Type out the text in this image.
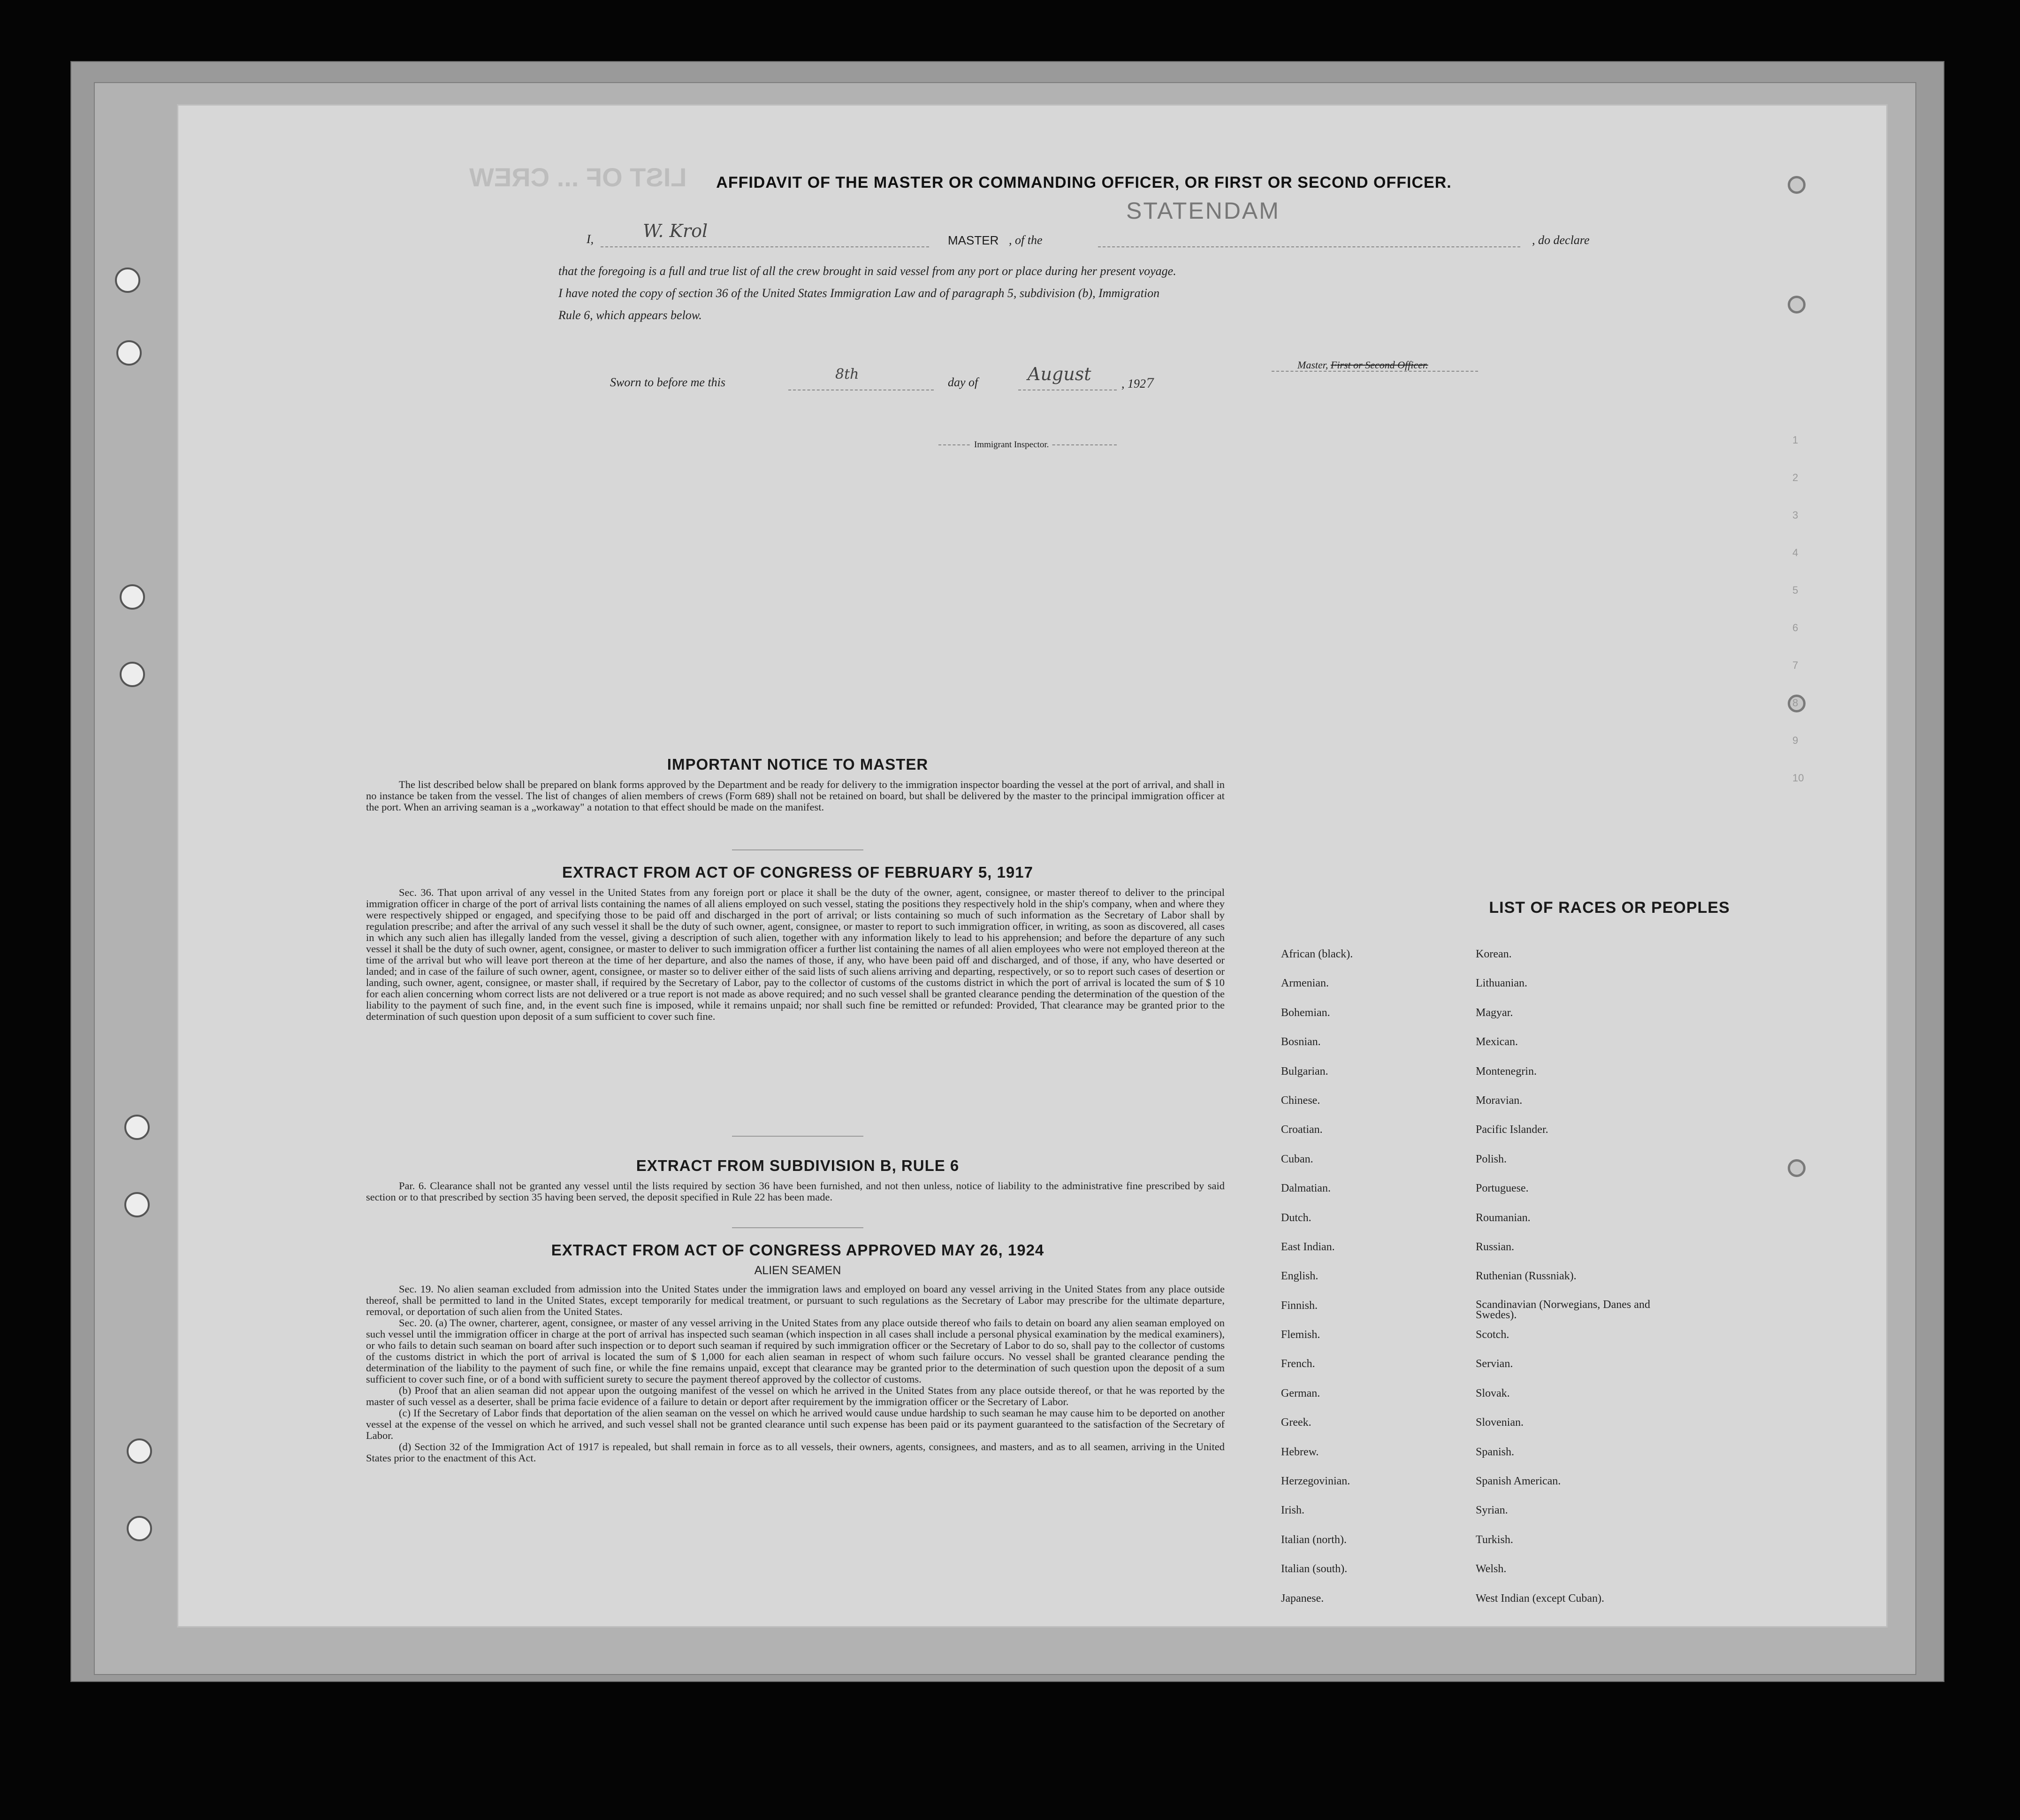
LIST OF ... CREW
1
2
3
4
5
6
7
8
9
10
AFFIDAVIT OF THE MASTER OR COMMANDING OFFICER, OR FIRST OR SECOND OFFICER.
I,	W. Krol	MASTER , of the
STATENDAM
, do declare
that the foregoing is a full and true list of all the crew brought in said vessel from any port or place during her present voyage.
I have noted the copy of section 36 of the United States Immigration Law and of paragraph 5, subdivision (b), Immigration
Rule 6, which appears below.
Master, First or Second Officer.
Sworn to before me this	8th	day of	August , 1927
Immigrant Inspector.
IMPORTANT NOTICE TO MASTER

The list described below shall be prepared on blank forms approved by the Department and be ready for delivery to the immigration inspector boarding the vessel at the port of arrival, and shall in no instance be taken from the vessel. The list of changes of alien members of crews (Form 689) shall not be retained on board, but shall be delivered by the master to the principal immigration officer at the port. When an arriving seaman is a „workaway" a notation to that effect should be made on the manifest.

EXTRACT FROM ACT OF CONGRESS OF FEBRUARY 5, 1917

Sec. 36. That upon arrival of any vessel in the United States from any foreign port or place it shall be the duty of the owner, agent, consignee, or master thereof to deliver to the principal immigration officer in charge of the port of arrival lists containing the names of all aliens employed on such vessel, stating the positions they respectively hold in the ship's company, when and where they were respectively shipped or engaged, and specifying those to be paid off and discharged in the port of arrival; or lists containing so much of such information as the Secretary of Labor shall by regulation prescribe; and after the arrival of any such vessel it shall be the duty of such owner, agent, consignee, or master to report to such immigration officer, in writing, as soon as discovered, all cases in which any such alien has illegally landed from the vessel, giving a description of such alien, together with any information likely to lead to his apprehension; and before the departure of any such vessel it shall be the duty of such owner, agent, consignee, or master to deliver to such immigration officer a further list containing the names of all alien employees who were not employed thereon at the time of the arrival but who will leave port thereon at the time of her departure, and also the names of those, if any, who have been paid off and discharged, and of those, if any, who have deserted or landed; and in case of the failure of such owner, agent, consignee, or master so to deliver either of the said lists of such aliens arriving and departing, respectively, or so to report such cases of desertion or landing, such owner, agent, consignee, or master shall, if required by the Secretary of Labor, pay to the collector of customs of the customs district in which the port of arrival is located the sum of $ 10 for each alien concerning whom correct lists are not delivered or a true report is not made as above required; and no such vessel shall be granted clearance pending the determination of the question of the liability to the payment of such fine, and, in the event such fine is imposed, while it remains unpaid; nor shall such fine be remitted or refunded: Provided, That clearance may be granted prior to the determination of such question upon deposit of a sum sufficient to cover such fine.

EXTRACT FROM SUBDIVISION B, RULE 6

Par. 6. Clearance shall not be granted any vessel until the lists required by section 36 have been furnished, and not then unless, notice of liability to the administrative fine prescribed by said section or to that prescribed by section 35 having been served, the deposit specified in Rule 22 has been made.

EXTRACT FROM ACT OF CONGRESS APPROVED MAY 26, 1924
ALIEN SEAMEN

Sec. 19. No alien seaman excluded from admission into the United States under the immigration laws and employed on board any vessel arriving in the United States from any place outside thereof, shall be permitted to land in the United States, except temporarily for medical treatment, or pursuant to such regulations as the Secretary of Labor may prescribe for the ultimate departure, removal, or deportation of such alien from the United States.

Sec. 20. (a) The owner, charterer, agent, consignee, or master of any vessel arriving in the United States from any place outside thereof who fails to detain on board any alien seaman employed on such vessel until the immigration officer in charge at the port of arrival has inspected such seaman (which inspection in all cases shall include a personal physical examination by the medical examiners), or who fails to detain such seaman on board after such inspection or to deport such seaman if required by such immigration officer or the Secretary of Labor to do so, shall pay to the collector of customs of the customs district in which the port of arrival is located the sum of $ 1,000 for each alien seaman in respect of whom such failure occurs. No vessel shall be granted clearance pending the determination of the liability to the payment of such fine, or while the fine remains unpaid, except that clearance may be granted prior to the determination of such question upon the deposit of a sum sufficient to cover such fine, or of a bond with sufficient surety to secure the payment thereof approved by the collector of customs.

(b) Proof that an alien seaman did not appear upon the outgoing manifest of the vessel on which he arrived in the United States from any place outside thereof, or that he was reported by the master of such vessel as a deserter, shall be prima facie evidence of a failure to detain or deport after requirement by the immigration officer or the Secretary of Labor.

(c) If the Secretary of Labor finds that deportation of the alien seaman on the vessel on which he arrived would cause undue hardship to such seaman he may cause him to be deported on another vessel at the expense of the vessel on which he arrived, and such vessel shall not be granted clearance until such expense has been paid or its payment guaranteed to the satisfaction of the Secretary of Labor.

(d) Section 32 of the Immigration Act of 1917 is repealed, but shall remain in force as to all vessels, their owners, agents, consignees, and masters, and as to all seamen, arriving in the United States prior to the enactment of this Act.

LIST OF RACES OR PEOPLES
African (black).
Armenian.
Bohemian.
Bosnian.
Bulgarian.
Chinese.
Croatian.
Cuban.
Dalmatian.
Dutch.
East Indian.
English.
Finnish.
Flemish.
French.
German.
Greek.
Hebrew.
Herzegovinian.
Irish.
Italian (north).
Italian (south).
Japanese.
Korean.
Lithuanian.
Magyar.
Mexican.
Montenegrin.
Moravian.
Pacific Islander.
Polish.
Portuguese.
Roumanian.
Russian.
Ruthenian (Russniak).
Scandinavian (Norwegians, Danes and Swedes).
Scotch.
Servian.
Slovak.
Slovenian.
Spanish.
Spanish American.
Syrian.
Turkish.
Welsh.
West Indian (except Cuban).
